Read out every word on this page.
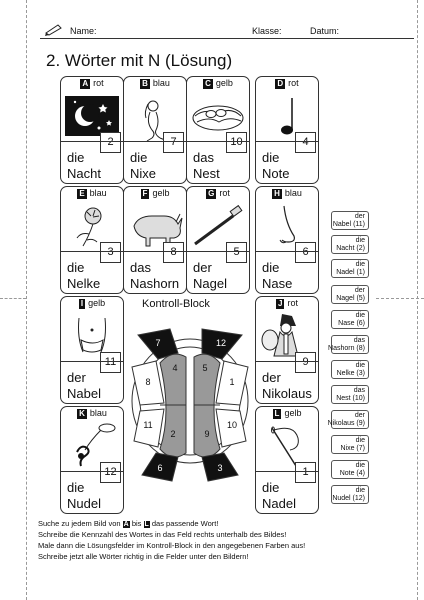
Name:	Klasse:	Datum:
2. Wörter mit N (Lösung)
A rot
2
die
Nacht
B blau
7
die
Nixe
C gelb
10
das
Nest
D rot
4
die
Note
E blau
3
die
Nelke
F gelb
8
das
Nashorn
G rot
5
der
Nagel
H blau
6
die
Nase
I gelb
11
der
Nabel
J rot
9
der
Nikolaus
K blau
12
die
Nudel
L gelb
1
die
Nadel
Kontroll-Block
7	12
4	5
8	1
11	10
2	9
6	3
der
Nabel (11)
die
Nacht (2)
die
Nadel (1)
der
Nagel (5)
die
Nase (6)
das
Nashorn (8)
die
Nelke (3)
das
Nest (10)
der
Nikolaus (9)
die
Nixe (7)
die
Note (4)
die
Nudel (12)
Suche zu jedem Bild von A bis L das passende Wort!
Schreibe die Kennzahl des Wortes in das Feld rechts unterhalb des Bildes!
Male dann die Lösungsfelder im Kontroll-Block in den angegebenen Farben aus!
Schreibe jetzt alle Wörter richtig in die Felder unter den Bildern!
